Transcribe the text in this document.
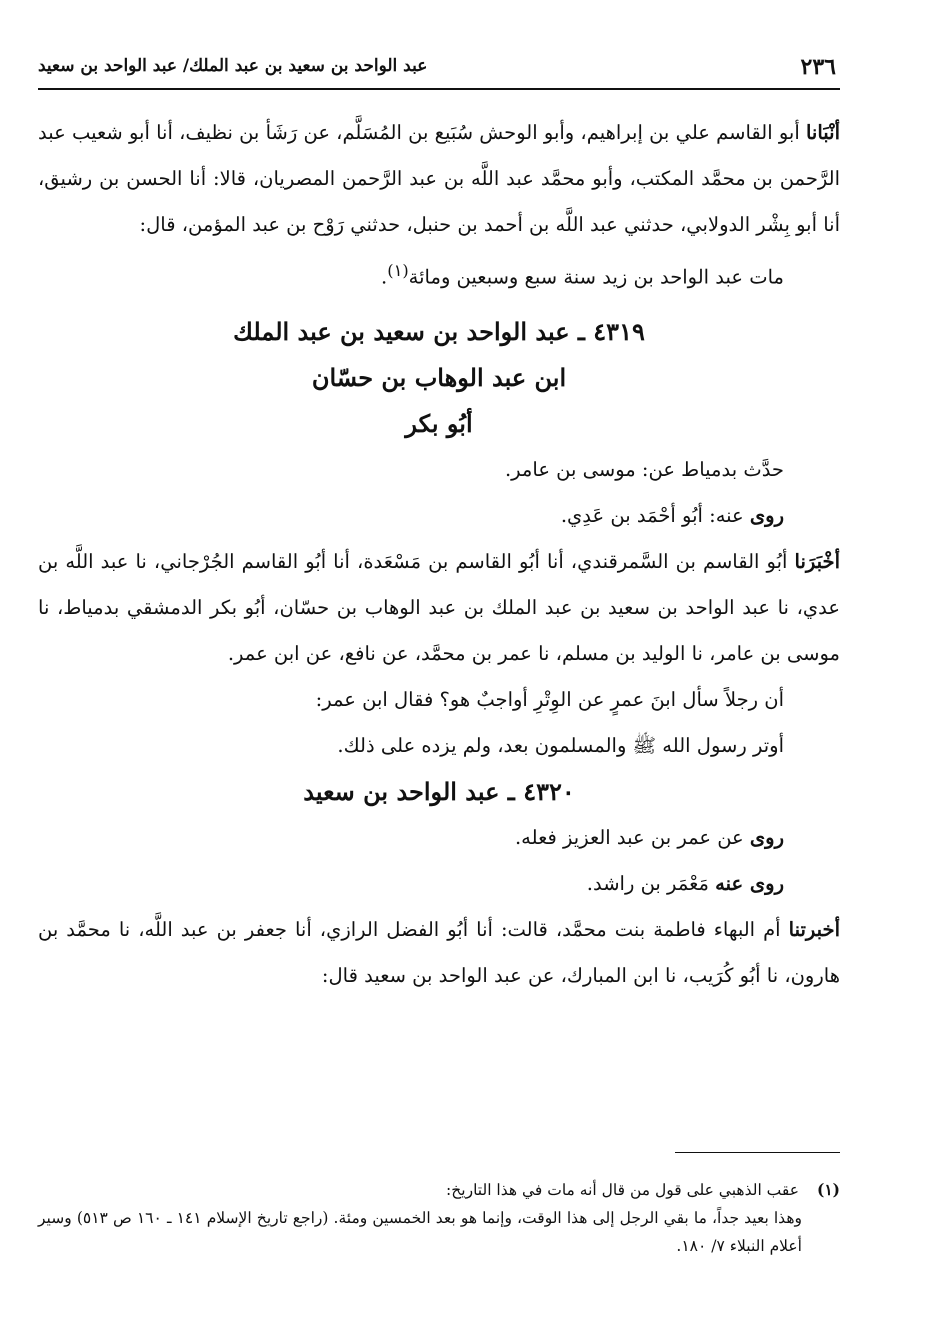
٢٣٦
عبد الواحد بن سعيد بن عبد الملك/ عبد الواحد بن سعيد

أنْبَانا أبو القاسم علي بن إبراهيم، وأبو الوحش سُبَيع بن المُسَلَّم، عن رَشَأ بن نظيف، أنا أبو شعيب عبد الرَّحمن بن محمَّد المكتب، وأبو محمَّد عبد اللَّه بن عبد الرَّحمن المصريان، قالا: أنا الحسن بن رشيق، أنا أبو بِشْر الدولابي، حدثني عبد اللَّه بن أحمد بن حنبل، حدثني رَوْح بن عبد المؤمن، قال:

مات عبد الواحد بن زيد سنة سبع وسبعين ومائة$^{(١)}$.

٤٣١٩ ـ عبد الواحد بن سعيد بن عبد الملك

ابن عبد الوهاب بن حسّان

أبُو بكر

حدَّث بدمياط عن: موسى بن عامر.

روى عنه: أبُو أحْمَد بن عَدِي.

أخْبَرَنا أبُو القاسم بن السَّمرقندي، أنا أبُو القاسم بن مَسْعَدة، أنا أبُو القاسم الجُرْجاني، نا عبد اللَّه بن عدي، نا عبد الواحد بن سعيد بن عبد الملك بن عبد الوهاب بن حسّان، أبُو بكر الدمشقي بدمياط، نا موسى بن عامر، نا الوليد بن مسلم، نا عمر بن محمَّد، عن نافع، عن ابن عمر.

أن رجلاً سأل ابنَ عمرٍ عن الوِتْرِ أواجبٌ هو؟ فقال ابن عمر:

أوتر رسول الله ﷺ والمسلمون بعد، ولم يزده على ذلك.

٤٣٢٠ ـ عبد الواحد بن سعيد

روى عن عمر بن عبد العزيز فعله.

روى عنه مَعْمَر بن راشد.

أخبرتنا أم البهاء فاطمة بنت محمَّد، قالت: أنا أبُو الفضل الرازي، أنا جعفر بن عبد اللَّه، نا محمَّد بن هارون، نا أبُو كُرَيب، نا ابن المبارك، عن عبد الواحد بن سعيد قال:

(١)عقب الذهبي على قول من قال أنه مات في هذا التاريخ:

وهذا بعيد جداً، ما بقي الرجل إلى هذا الوقت، وإنما هو بعد الخمسين ومئة. (راجع تاريخ الإسلام ١٤١ ـ ١٦٠ ص ٥١٣) وسير أعلام النبلاء ٧/ ١٨٠.
